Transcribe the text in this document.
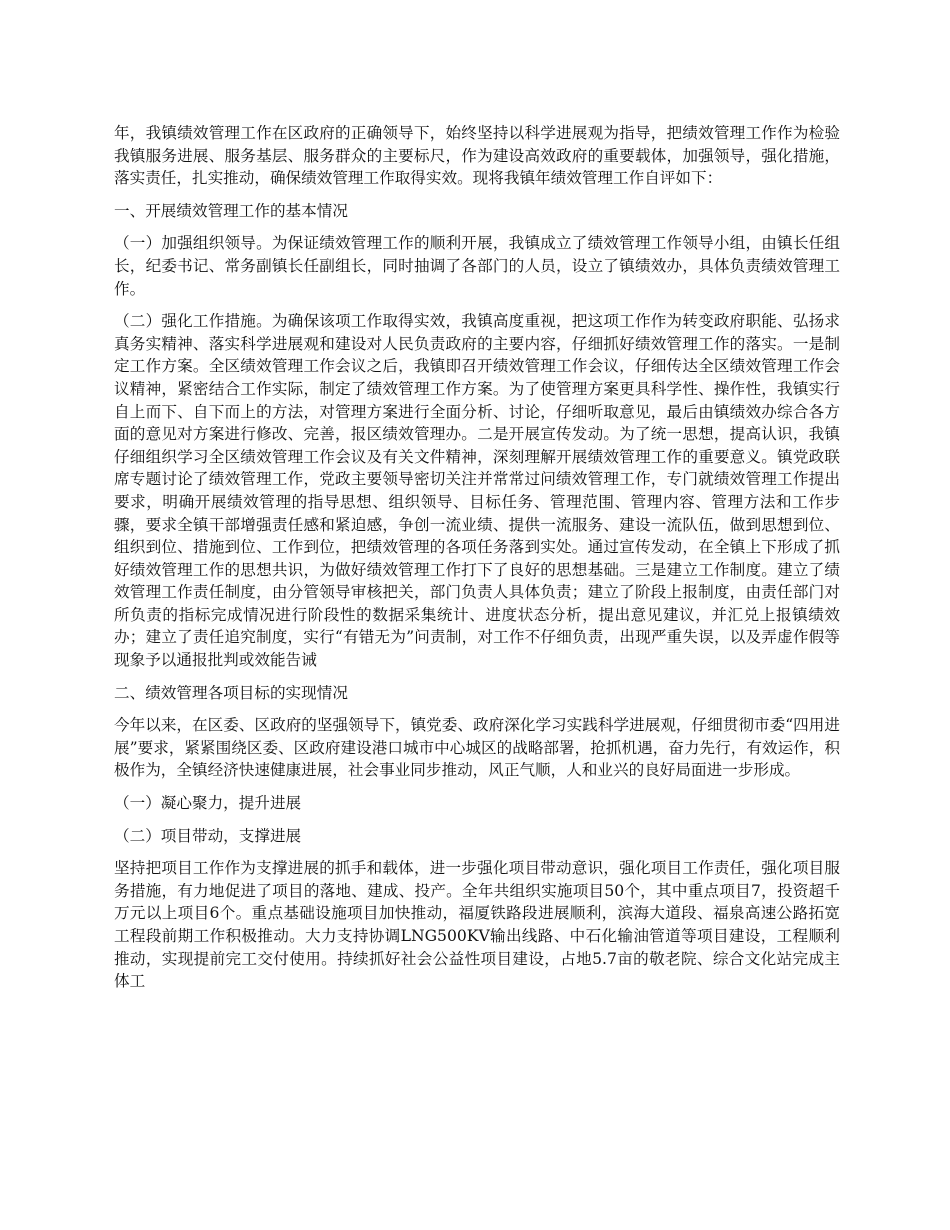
年，我镇绩效管理工作在区政府的正确领导下，始终坚持以科学进展观为指导，把绩效管理工作作为检验我镇服务进展、服务基层、服务群众的主要标尺，作为建设高效政府的重要载体，加强领导，强化措施，落实责任，扎实推动，确保绩效管理工作取得实效。现将我镇年绩效管理工作自评如下：

一、开展绩效管理工作的基本情况

（一）加强组织领导。为保证绩效管理工作的顺利开展，我镇成立了绩效管理工作领导小组，由镇长任组长，纪委书记、常务副镇长任副组长，同时抽调了各部门的人员，设立了镇绩效办，具体负责绩效管理工作。

（二）强化工作措施。为确保该项工作取得实效，我镇高度重视，把这项工作作为转变政府职能、弘扬求真务实精神、落实科学进展观和建设对人民负责政府的主要内容，仔细抓好绩效管理工作的落实。一是制定工作方案。全区绩效管理工作会议之后，我镇即召开绩效管理工作会议，仔细传达全区绩效管理工作会议精神，紧密结合工作实际，制定了绩效管理工作方案。为了使管理方案更具科学性、操作性，我镇实行自上而下、自下而上的方法，对管理方案进行全面分析、讨论，仔细听取意见，最后由镇绩效办综合各方面的意见对方案进行修改、完善，报区绩效管理办。二是开展宣传发动。为了统一思想，提高认识，我镇仔细组织学习全区绩效管理工作会议及有关文件精神，深刻理解开展绩效管理工作的重要意义。镇党政联席专题讨论了绩效管理工作，党政主要领导密切关注并常常过问绩效管理工作，专门就绩效管理工作提出要求，明确开展绩效管理的指导思想、组织领导、目标任务、管理范围、管理内容、管理方法和工作步骤，要求全镇干部增强责任感和紧迫感，争创一流业绩、提供一流服务、建设一流队伍，做到思想到位、组织到位、措施到位、工作到位，把绩效管理的各项任务落到实处。通过宣传发动，在全镇上下形成了抓好绩效管理工作的思想共识，为做好绩效管理工作打下了良好的思想基础。三是建立工作制度。建立了绩效管理工作责任制度，由分管领导审核把关，部门负责人具体负责；建立了阶段上报制度，由责任部门对所负责的指标完成情况进行阶段性的数据采集统计、进度状态分析，提出意见建议，并汇兑上报镇绩效办；建立了责任追究制度，实行“有错无为”问责制，对工作不仔细负责，出现严重失误，以及弄虚作假等现象予以通报批判或效能告诫

二、绩效管理各项目标的实现情况

今年以来，在区委、区政府的坚强领导下，镇党委、政府深化学习实践科学进展观，仔细贯彻市委“四用进展”要求，紧紧围绕区委、区政府建设港口城市中心城区的战略部署，抢抓机遇，奋力先行，有效运作，积极作为，全镇经济快速健康进展，社会事业同步推动，风正气顺，人和业兴的良好局面进一步形成。

（一）凝心聚力，提升进展

（二）项目带动，支撑进展

坚持把项目工作作为支撑进展的抓手和载体，进一步强化项目带动意识，强化项目工作责任，强化项目服务措施，有力地促进了项目的落地、建成、投产。全年共组织实施项目50个，其中重点项目7，投资超千万元以上项目6个。重点基础设施项目加快推动，福厦铁路段进展顺利，滨海大道段、福泉高速公路拓宽工程段前期工作积极推动。大力支持协调LNG500KV输出线路、中石化输油管道等项目建设，工程顺利推动，实现提前完工交付使用。持续抓好社会公益性项目建设，占地5.7亩的敬老院、综合文化站完成主体工
